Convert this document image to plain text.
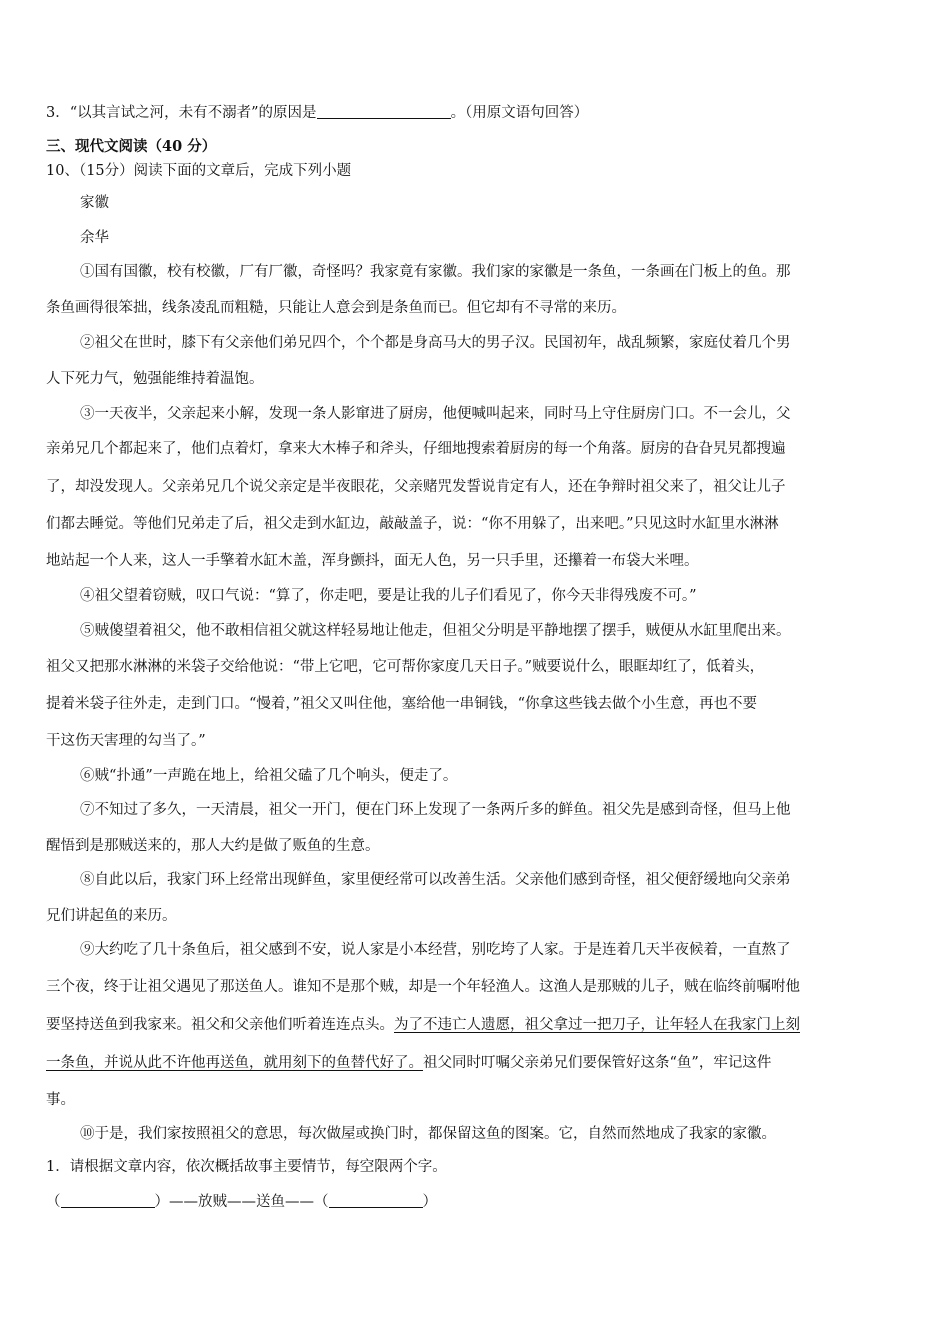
3．“以其言试之河，未有不溺者”的原因是	。（用原文语句回答）
三、现代文阅读（40 分）
10、（15分）阅读下面的文章后，完成下列小题
家徽
余华
①国有国徽，校有校徽，厂有厂徽，奇怪吗？我家竟有家徽。我们家的家徽是一条鱼，一条画在门板上的鱼。那
条鱼画得很笨拙，线条凌乱而粗糙，只能让人意会到是条鱼而已。但它却有不寻常的来历。
②祖父在世时，膝下有父亲他们弟兄四个，个个都是身高马大的男子汉。民国初年，战乱频繁，家庭仗着几个男
人下死力气，勉强能维持着温饱。
③一天夜半，父亲起来小解，发现一条人影窜进了厨房，他便喊叫起来，同时马上守住厨房门口。不一会儿，父
亲弟兄几个都起来了，他们点着灯，拿来大木棒子和斧头，仔细地搜索着厨房的每一个角落。厨房的旮旮旯旯都搜遍
了，却没发现人。父亲弟兄几个说父亲定是半夜眼花，父亲赌咒发誓说肯定有人，还在争辩时祖父来了，祖父让儿子
们都去睡觉。等他们兄弟走了后，祖父走到水缸边，敲敲盖子，说：“你不用躲了，出来吧。”只见这时水缸里水淋淋
地站起一个人来，这人一手擎着水缸木盖，浑身颤抖，面无人色，另一只手里，还攥着一布袋大米哩。
④祖父望着窃贼，叹口气说：“算了，你走吧，要是让我的儿子们看见了，你今天非得残废不可。”
⑤贼傻望着祖父，他不敢相信祖父就这样轻易地让他走，但祖父分明是平静地摆了摆手，贼便从水缸里爬出来。
祖父又把那水淋淋的米袋子交给他说：“带上它吧，它可帮你家度几天日子。”贼要说什么，眼眶却红了，低着头，
提着米袋子往外走，走到门口。“慢着，”祖父又叫住他，塞给他一串铜钱，“你拿这些钱去做个小生意，再也不要
干这伤天害理的勾当了。”
⑥贼“扑通”一声跪在地上，给祖父磕了几个响头，便走了。
⑦不知过了多久，一天清晨，祖父一开门，便在门环上发现了一条两斤多的鲜鱼。祖父先是感到奇怪，但马上他
醒悟到是那贼送来的，那人大约是做了贩鱼的生意。
⑧自此以后，我家门环上经常出现鲜鱼，家里便经常可以改善生活。父亲他们感到奇怪，祖父便舒缓地向父亲弟
兄们讲起鱼的来历。
⑨大约吃了几十条鱼后，祖父感到不安，说人家是小本经营，别吃垮了人家。于是连着几天半夜候着，一直熬了
三个夜，终于让祖父遇见了那送鱼人。谁知不是那个贼，却是一个年轻渔人。这渔人是那贼的儿子，贼在临终前嘱咐他
要坚持送鱼到我家来。祖父和父亲他们听着连连点头。为了不违亡人遗愿，祖父拿过一把刀子，让年轻人在我家门上刻
一条鱼，并说从此不许他再送鱼，就用刻下的鱼替代好了。祖父同时叮嘱父亲弟兄们要保管好这条“鱼”，牢记这件
事。
⑩于是，我们家按照祖父的意思，每次做屋或换门时，都保留这鱼的图案。它，自然而然地成了我家的家徽。
1．请根据文章内容，依次概括故事主要情节，每空限两个字。
（	）——放贼——送鱼——（	）
